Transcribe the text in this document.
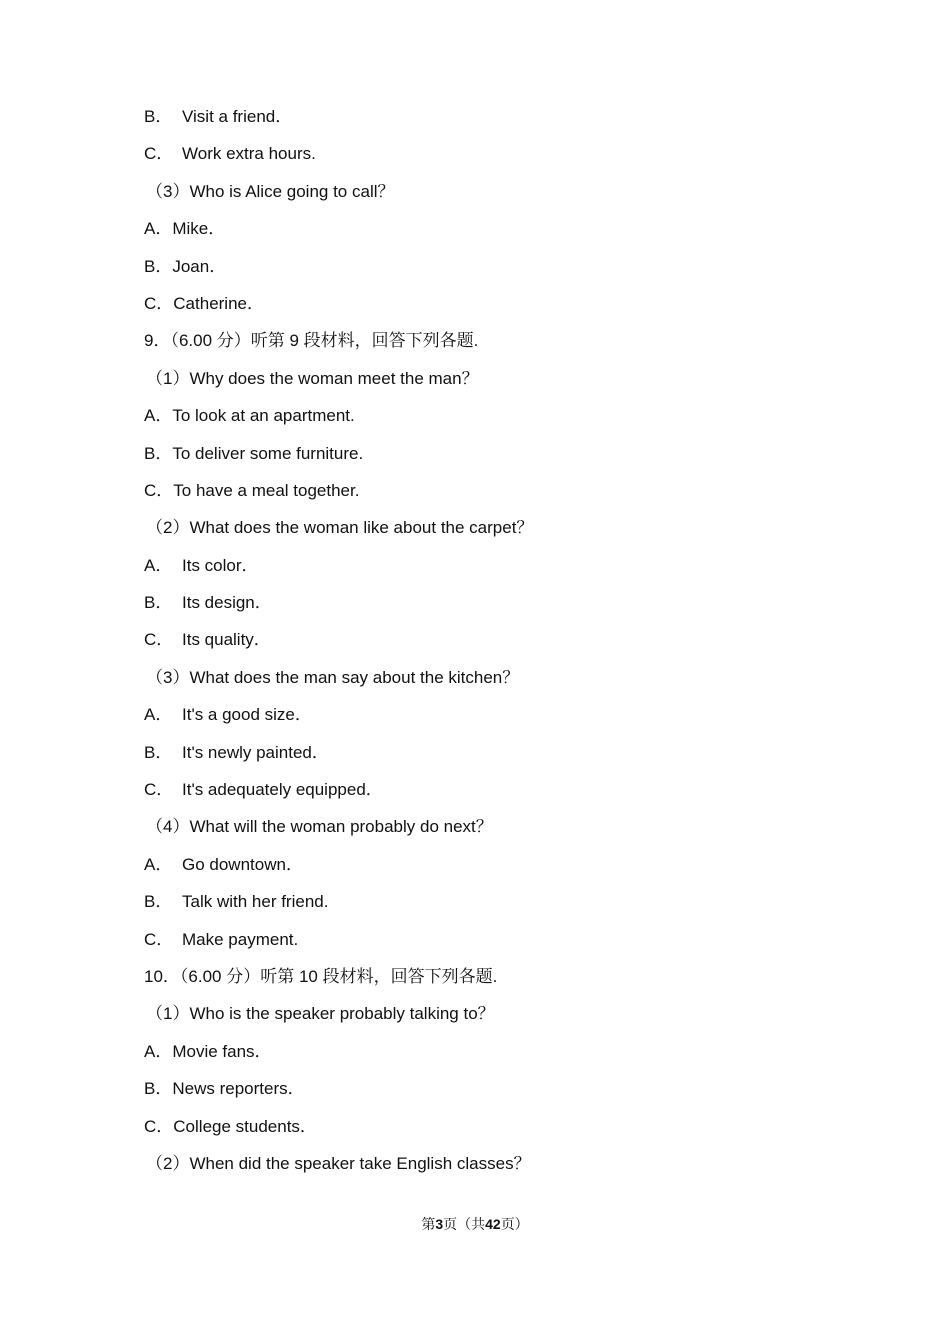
B． Visit a friend．
C． Work extra hours.
（3）Who is Alice going to call？
A．Mike．
B．Joan．
C．Catherine．
9．（6.00 分）听第 9 段材料，回答下列各题.
（1）Why does the woman meet the man？
A．To look at an apartment.
B．To deliver some furniture.
C．To have a meal together.
（2）What does the woman like about the carpet？
A． Its color．
B． Its design．
C． Its quality．
（3）What does the man say about the kitchen？
A． It's a good size．
B． It's newly painted．
C． It's adequately equipped．
（4）What will the woman probably do next？
A． Go downtown．
B． Talk with her friend.
C． Make payment.
10．（6.00 分）听第 10 段材料，回答下列各题.
（1）Who is the speaker probably talking to？
A．Movie fans．
B．News reporters．
C．College students．
（2）When did the speaker take English classes？
第3页（共42页）
